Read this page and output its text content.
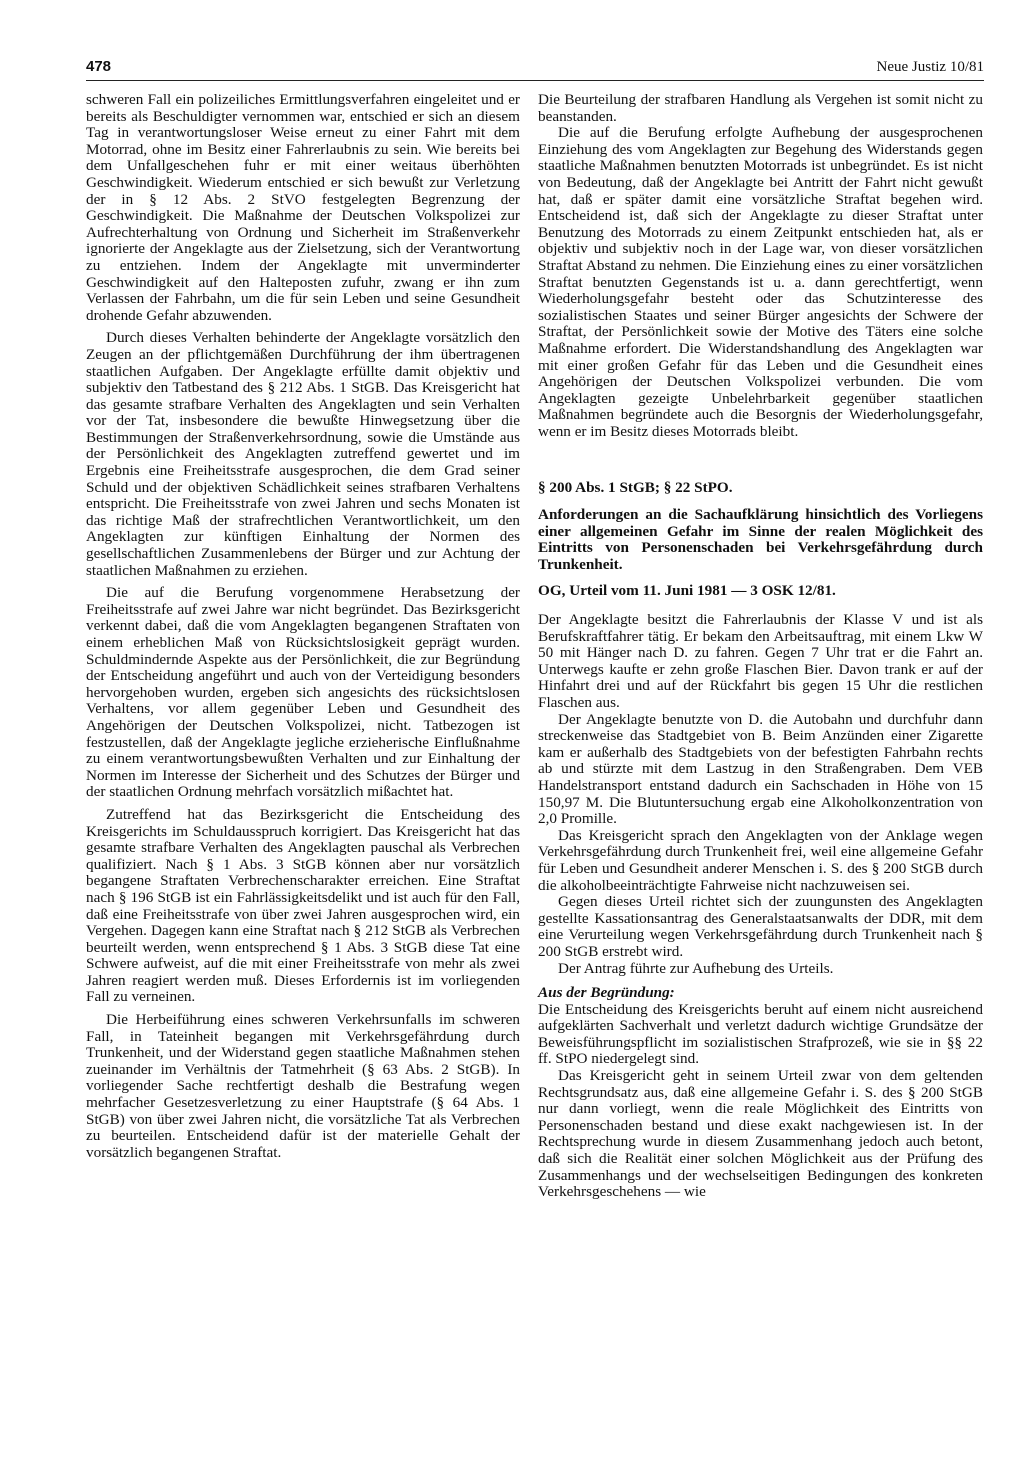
478	Neue Justiz 10/81

schweren Fall ein polizeiliches Ermittlungsverfahren eingeleitet und er bereits als Beschuldigter vernommen war, entschied er sich an diesem Tag in verantwortungsloser Weise erneut zu einer Fahrt mit dem Motorrad, ohne im Besitz einer Fahrerlaubnis zu sein. Wie bereits bei dem Unfallgeschehen fuhr er mit einer weitaus überhöhten Geschwindigkeit. Wiederum entschied er sich bewußt zur Verletzung der in § 12 Abs. 2 StVO festgelegten Begrenzung der Geschwindigkeit. Die Maßnahme der Deutschen Volkspolizei zur Aufrechterhaltung von Ordnung und Sicherheit im Straßenverkehr ignorierte der Angeklagte aus der Zielsetzung, sich der Verantwortung zu entziehen. Indem der Angeklagte mit unverminderter Geschwindigkeit auf den Halteposten zufuhr, zwang er ihn zum Verlassen der Fahrbahn, um die für sein Leben und seine Gesundheit drohende Gefahr abzuwenden.

Durch dieses Verhalten behinderte der Angeklagte vorsätzlich den Zeugen an der pflichtgemäßen Durchführung der ihm übertragenen staatlichen Aufgaben. Der Angeklagte erfüllte damit objektiv und subjektiv den Tatbestand des § 212 Abs. 1 StGB. Das Kreisgericht hat das gesamte strafbare Verhalten des Angeklagten und sein Verhalten vor der Tat, insbesondere die bewußte Hinwegsetzung über die Bestimmungen der Straßenverkehrsordnung, sowie die Umstände aus der Persönlichkeit des Angeklagten zutreffend gewertet und im Ergebnis eine Freiheitsstrafe ausgesprochen, die dem Grad seiner Schuld und der objektiven Schädlichkeit seines strafbaren Verhaltens entspricht. Die Freiheitsstrafe von zwei Jahren und sechs Monaten ist das richtige Maß der strafrechtlichen Verantwortlichkeit, um den Angeklagten zur künftigen Einhaltung der Normen des gesellschaftlichen Zusammenlebens der Bürger und zur Achtung der staatlichen Maßnahmen zu erziehen.

Die auf die Berufung vorgenommene Herabsetzung der Freiheitsstrafe auf zwei Jahre war nicht begründet. Das Bezirksgericht verkennt dabei, daß die vom Angeklagten begangenen Straftaten von einem erheblichen Maß von Rücksichtslosigkeit geprägt wurden. Schuldmindernde Aspekte aus der Persönlichkeit, die zur Begründung der Entscheidung angeführt und auch von der Verteidigung besonders hervorgehoben wurden, ergeben sich angesichts des rücksichtslosen Verhaltens, vor allem gegenüber Leben und Gesundheit des Angehörigen der Deutschen Volkspolizei, nicht. Tatbezogen ist festzustellen, daß der Angeklagte jegliche erzieherische Einflußnahme zu einem verantwortungsbewußten Verhalten und zur Einhaltung der Normen im Interesse der Sicherheit und des Schutzes der Bürger und der staatlichen Ordnung mehrfach vorsätzlich mißachtet hat.

Zutreffend hat das Bezirksgericht die Entscheidung des Kreisgerichts im Schuldausspruch korrigiert. Das Kreisgericht hat das gesamte strafbare Verhalten des Angeklagten pauschal als Verbrechen qualifiziert. Nach § 1 Abs. 3 StGB können aber nur vorsätzlich begangene Straftaten Verbrechenscharakter erreichen. Eine Straftat nach § 196 StGB ist ein Fahrlässigkeitsdelikt und ist auch für den Fall, daß eine Freiheitsstrafe von über zwei Jahren ausgesprochen wird, ein Vergehen. Dagegen kann eine Straftat nach § 212 StGB als Verbrechen beurteilt werden, wenn entsprechend § 1 Abs. 3 StGB diese Tat eine Schwere aufweist, auf die mit einer Freiheitsstrafe von mehr als zwei Jahren reagiert werden muß. Dieses Erfordernis ist im vorliegenden Fall zu verneinen.

Die Herbeiführung eines schweren Verkehrsunfalls im schweren Fall, in Tateinheit begangen mit Verkehrsgefährdung durch Trunkenheit, und der Widerstand gegen staatliche Maßnahmen stehen zueinander im Verhältnis der Tatmehrheit (§ 63 Abs. 2 StGB). In vorliegender Sache rechtfertigt deshalb die Bestrafung wegen mehrfacher Gesetzesverletzung zu einer Hauptstrafe (§ 64 Abs. 1 StGB) von über zwei Jahren nicht, die vorsätzliche Tat als Verbrechen zu beurteilen. Entscheidend dafür ist der materielle Gehalt der vorsätzlich begangenen Straftat.

Die Beurteilung der strafbaren Handlung als Vergehen ist somit nicht zu beanstanden.

Die auf die Berufung erfolgte Aufhebung der ausgesprochenen Einziehung des vom Angeklagten zur Begehung des Widerstands gegen staatliche Maßnahmen benutzten Motorrads ist unbegründet. Es ist nicht von Bedeutung, daß der Angeklagte bei Antritt der Fahrt nicht gewußt hat, daß er später damit eine vorsätzliche Straftat begehen wird. Entscheidend ist, daß sich der Angeklagte zu dieser Straftat unter Benutzung des Motorrads zu einem Zeitpunkt entschieden hat, als er objektiv und subjektiv noch in der Lage war, von dieser vorsätzlichen Straftat Abstand zu nehmen. Die Einziehung eines zu einer vorsätzlichen Straftat benutzten Gegenstands ist u. a. dann gerechtfertigt, wenn Wiederholungsgefahr besteht oder das Schutzinteresse des sozialistischen Staates und seiner Bürger angesichts der Schwere der Straftat, der Persönlichkeit sowie der Motive des Täters eine solche Maßnahme erfordert. Die Widerstandshandlung des Angeklagten war mit einer großen Gefahr für das Leben und die Gesundheit eines Angehörigen der Deutschen Volkspolizei verbunden. Die vom Angeklagten gezeigte Unbelehrbarkeit gegenüber staatlichen Maßnahmen begründete auch die Besorgnis der Wiederholungsgefahr, wenn er im Besitz dieses Motorrads bleibt.

§ 200 Abs. 1 StGB; § 22 StPO.

Anforderungen an die Sachaufklärung hinsichtlich des Vorliegens einer allgemeinen Gefahr im Sinne der realen Möglichkeit des Eintritts von Personenschaden bei Verkehrsgefährdung durch Trunkenheit.

OG, Urteil vom 11. Juni 1981 — 3 OSK 12/81.

Der Angeklagte besitzt die Fahrerlaubnis der Klasse V und ist als Berufskraftfahrer tätig. Er bekam den Arbeitsauftrag, mit einem Lkw W 50 mit Hänger nach D. zu fahren. Gegen 7 Uhr trat er die Fahrt an. Unterwegs kaufte er zehn große Flaschen Bier. Davon trank er auf der Hinfahrt drei und auf der Rückfahrt bis gegen 15 Uhr die restlichen Flaschen aus.

Der Angeklagte benutzte von D. die Autobahn und durchfuhr dann streckenweise das Stadtgebiet von B. Beim Anzünden einer Zigarette kam er außerhalb des Stadtgebiets von der befestigten Fahrbahn rechts ab und stürzte mit dem Lastzug in den Straßengraben. Dem VEB Handelstransport entstand dadurch ein Sachschaden in Höhe von 15 150,97 M. Die Blutuntersuchung ergab eine Alkoholkonzentration von 2,0 Promille.

Das Kreisgericht sprach den Angeklagten von der Anklage wegen Verkehrsgefährdung durch Trunkenheit frei, weil eine allgemeine Gefahr für Leben und Gesundheit anderer Menschen i. S. des § 200 StGB durch die alkoholbeeinträchtigte Fahrweise nicht nachzuweisen sei.

Gegen dieses Urteil richtet sich der zuungunsten des Angeklagten gestellte Kassationsantrag des Generalstaatsanwalts der DDR, mit dem eine Verurteilung wegen Verkehrsgefährdung durch Trunkenheit nach § 200 StGB erstrebt wird.

Der Antrag führte zur Aufhebung des Urteils.

Aus der Begründung:

Die Entscheidung des Kreisgerichts beruht auf einem nicht ausreichend aufgeklärten Sachverhalt und verletzt dadurch wichtige Grundsätze der Beweisführungspflicht im sozialistischen Strafprozeß, wie sie in §§ 22 ff. StPO niedergelegt sind.

Das Kreisgericht geht in seinem Urteil zwar von dem geltenden Rechtsgrundsatz aus, daß eine allgemeine Gefahr i. S. des § 200 StGB nur dann vorliegt, wenn die reale Möglichkeit des Eintritts von Personenschaden bestand und diese exakt nachgewiesen ist. In der Rechtsprechung wurde in diesem Zusammenhang jedoch auch betont, daß sich die Realität einer solchen Möglichkeit aus der Prüfung des Zusammenhangs und der wechselseitigen Bedingungen des konkreten Verkehrsgeschehens — wie
